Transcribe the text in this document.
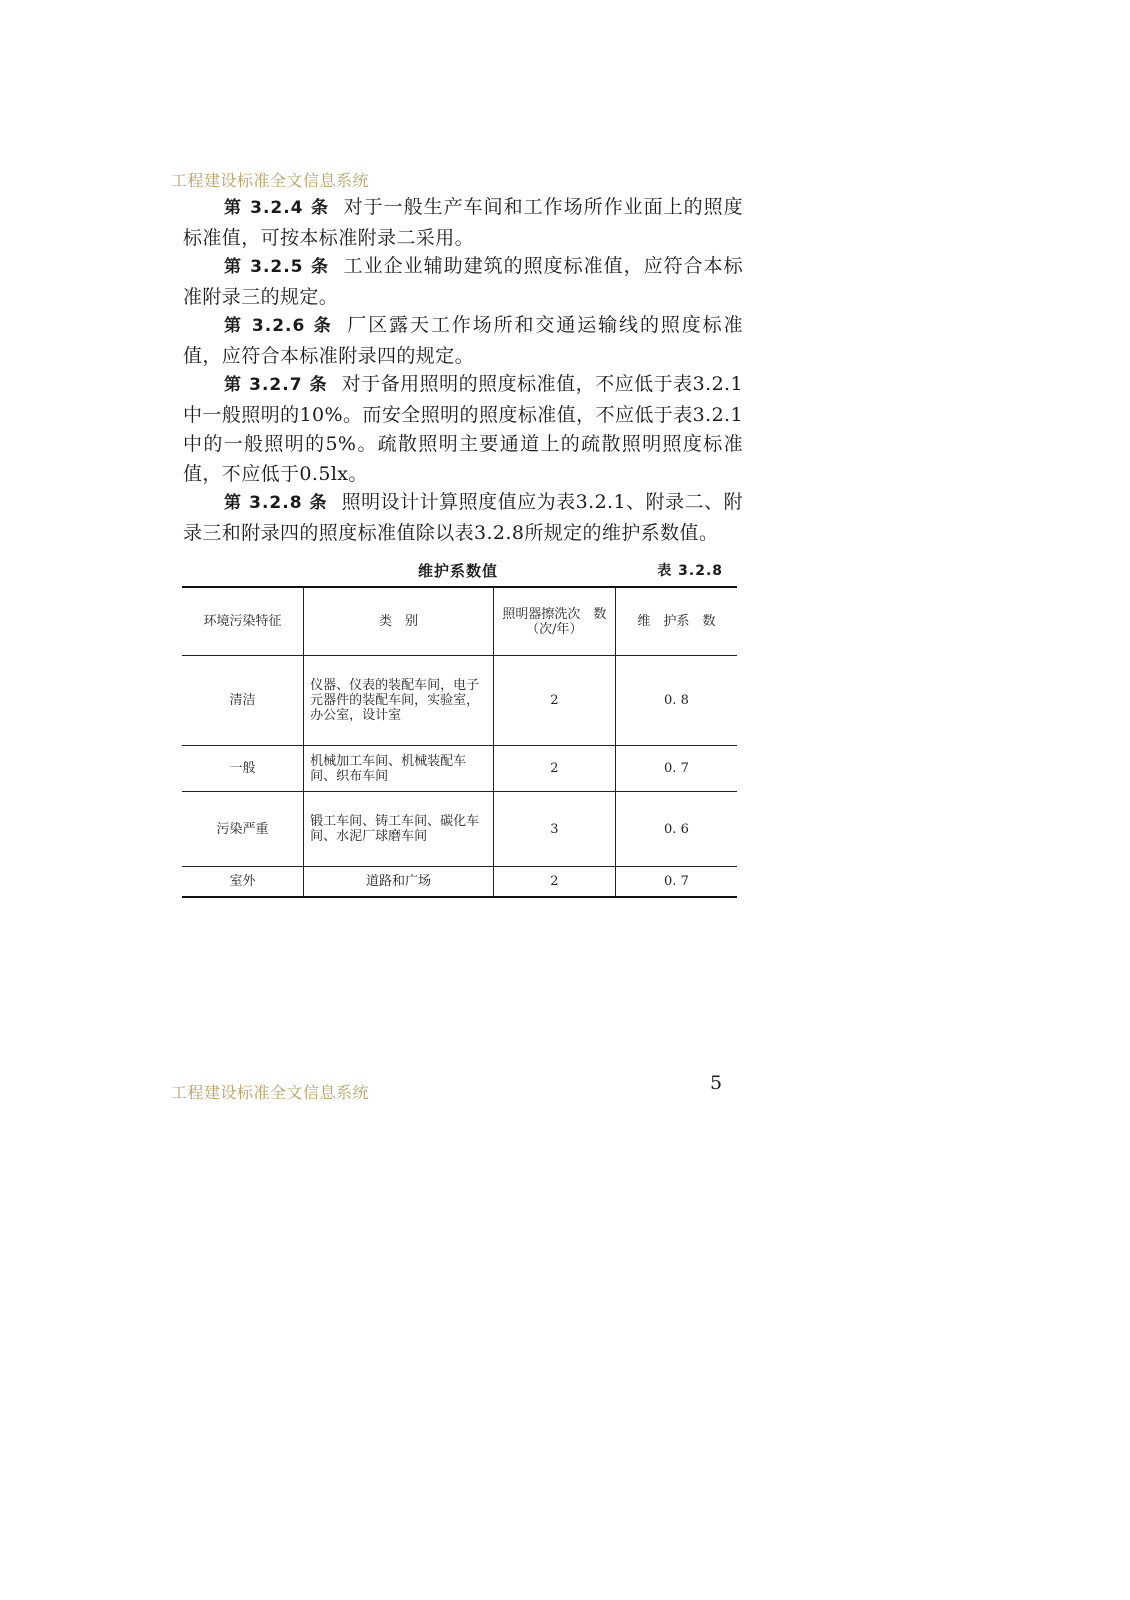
工程建设标准全文信息系统

第 3.2.4 条 对于一般生产车间和工作场所作业面上的照度标准值，可按本标准附录二采用。

第 3.2.5 条 工业企业辅助建筑的照度标准值，应符合本标准附录三的规定。

第 3.2.6 条 厂区露天工作场所和交通运输线的照度标准值，应符合本标准附录四的规定。

第 3.2.7 条 对于备用照明的照度标准值，不应低于表3.2.1中一般照明的10%。而安全照明的照度标准值，不应低于表3.2.1中的一般照明的5%。疏散照明主要通道上的疏散照明照度标准值，不应低于0.5lx。

第 3.2.8 条 照明设计计算照度值应为表3.2.1、附录二、附录三和附录四的照度标准值除以表3.2.8所规定的维护系数值。

维护系数值	表 3.2.8
环境污染特征	类　别	照明器擦洗次　数（次/年）	维　护系　数
清洁	仪器、仪表的装配车间，电子元器件的装配车间，实验室，办公室，设计室	2	0. 8
一般	机械加工车间、机械装配车间、织布车间	2	0. 7
污染严重	锻工车间、铸工车间、碳化车间、水泥厂球磨车间	3	0. 6
室外	道路和广场	2	0. 7
5
工程建设标准全文信息系统
